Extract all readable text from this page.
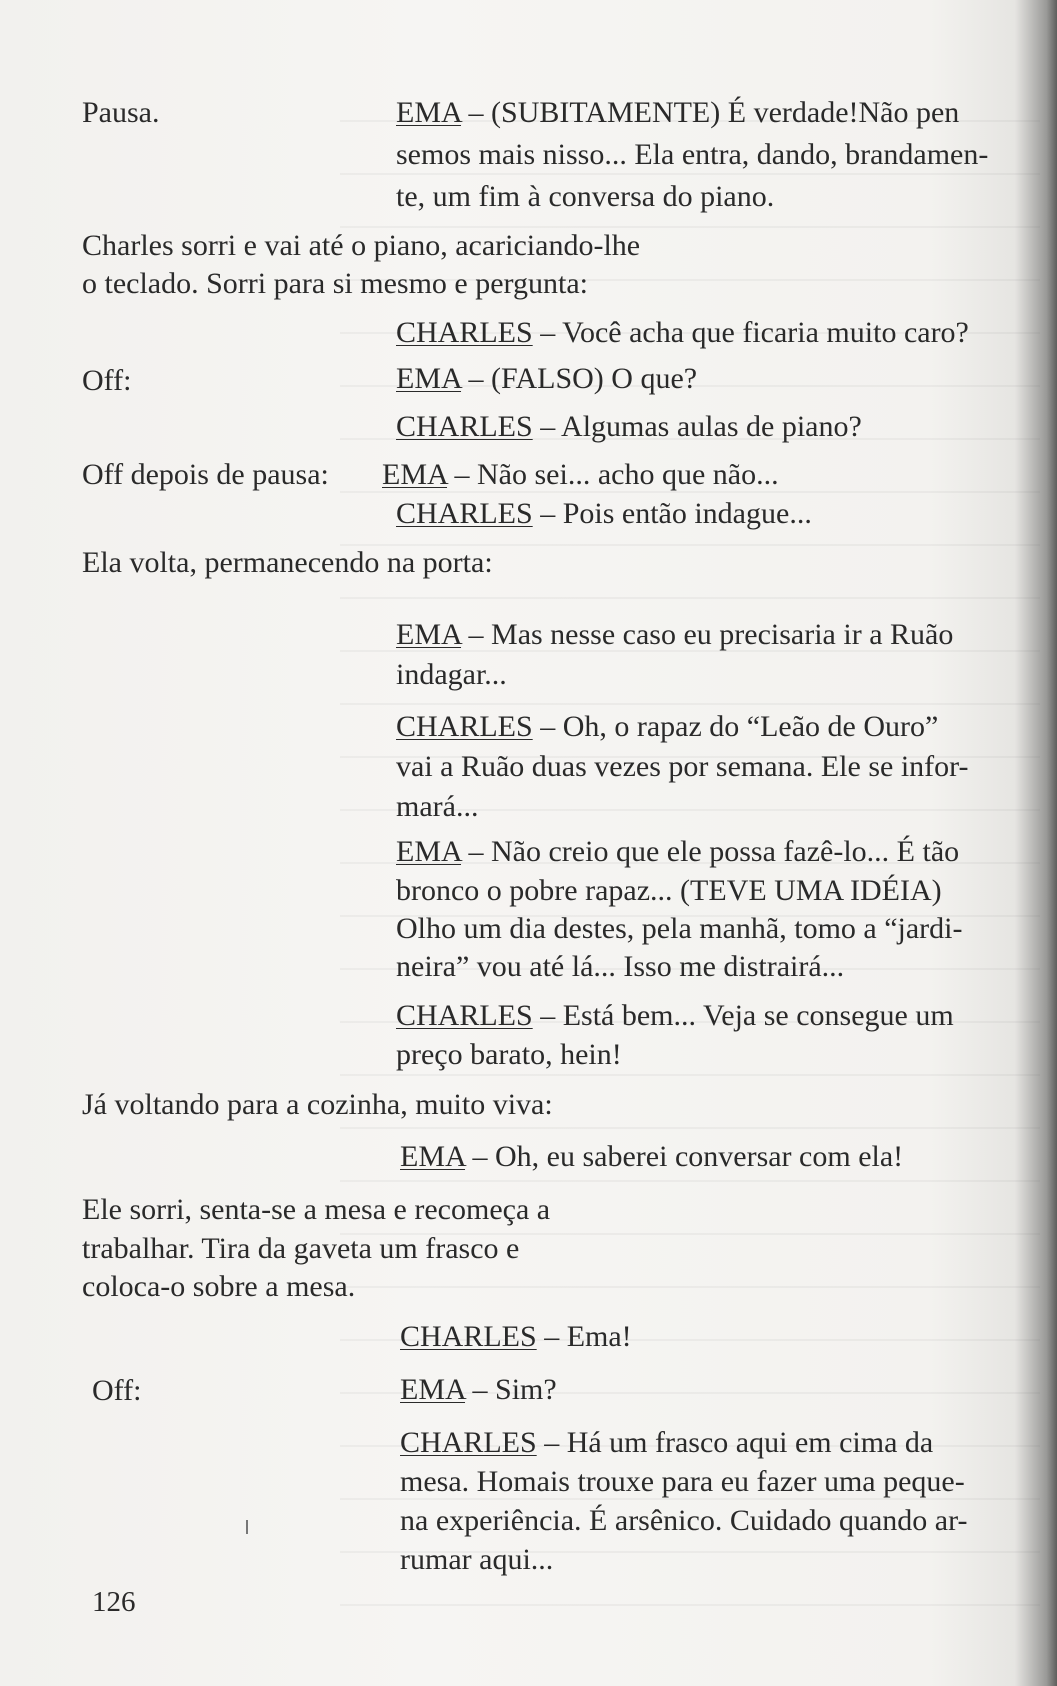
Pausa.	EMA – (SUBITAMENTE) É verdade!Não pen
semos mais nisso... Ela entra, dando, brandamen-
te, um fim à conversa do piano.
Charles sorri e vai até o piano, acariciando-lhe
o teclado. Sorri para si mesmo e pergunta:
CHARLES – Você acha que ficaria muito caro?
Off:	EMA – (FALSO) O que?
CHARLES – Algumas aulas de piano?
Off depois de pausa: EMA – Não sei... acho que não...
CHARLES – Pois então indague...
Ela volta, permanecendo na porta:
EMA – Mas nesse caso eu precisaria ir a Ruão
indagar...
CHARLES – Oh, o rapaz do “Leão de Ouro”
vai a Ruão duas vezes por semana. Ele se infor-
mará...
EMA – Não creio que ele possa fazê-lo... É tão
bronco o pobre rapaz... (TEVE UMA IDÉIA)
Olho um dia destes, pela manhã, tomo a “jardi-
neira” vou até lá... Isso me distrairá...
CHARLES – Está bem... Veja se consegue um
preço barato, hein!
Já voltando para a cozinha, muito viva:
EMA – Oh, eu saberei conversar com ela!
Ele sorri, senta-se a mesa e recomeça a
trabalhar. Tira da gaveta um frasco e
coloca-o sobre a mesa.
CHARLES – Ema!
Off:	EMA – Sim?
CHARLES – Há um frasco aqui em cima da
mesa. Homais trouxe para eu fazer uma peque-
na experiência. É arsênico. Cuidado quando ar-
rumar aqui...
126
